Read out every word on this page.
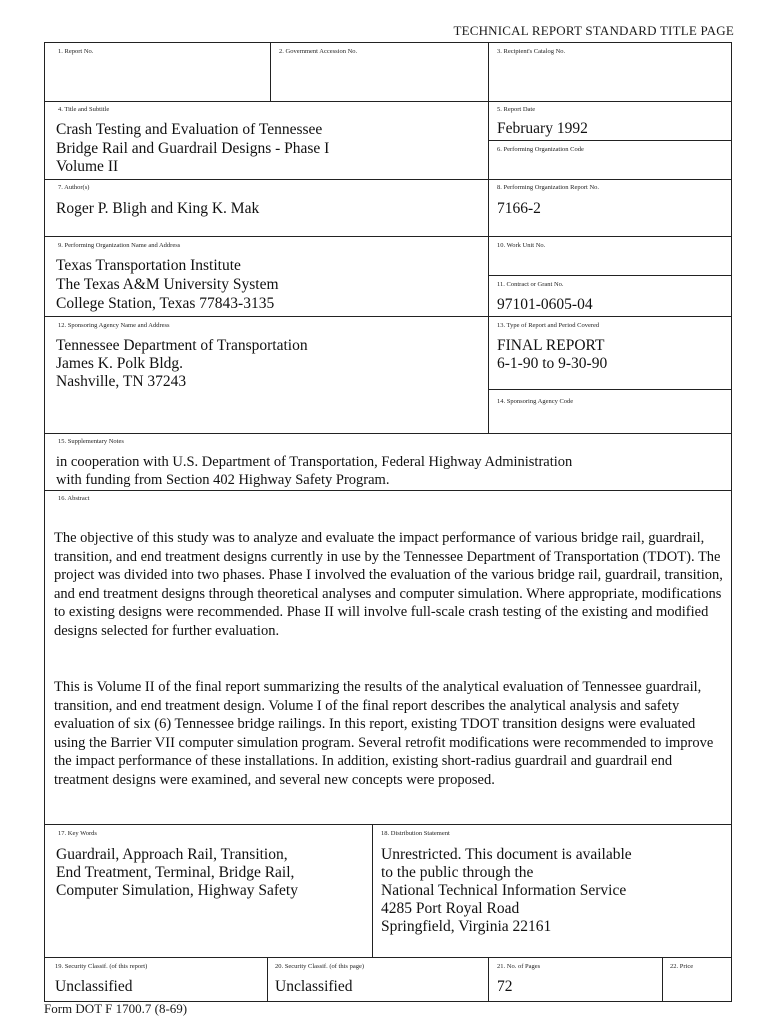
TECHNICAL REPORT STANDARD TITLE PAGE
1. Report No.	2. Government Accession No.	3. Recipient's Catalog No.
4. Title and Subtitle
Crash Testing and Evaluation of Tennessee
Bridge Rail and Guardrail Designs - Phase I
Volume II
5. Report Date
February 1992
6. Performing Organization Code
7. Author(s)
Roger P. Bligh and King K. Mak
8. Performing Organization Report No.
7166-2
9. Performing Organization Name and Address
Texas Transportation Institute
The Texas A&M University System
College Station, Texas 77843-3135
10. Work Unit No.
11. Contract or Grant No.
97101-0605-04
12. Sponsoring Agency Name and Address
Tennessee Department of Transportation
James K. Polk Bldg.
Nashville, TN 37243
13. Type of Report and Period Covered
FINAL REPORT
6-1-90 to 9-30-90
14. Sponsoring Agency Code
15. Supplementary Notes
in cooperation with U.S. Department of Transportation, Federal Highway Administration
with funding from Section 402 Highway Safety Program.
16. Abstract
The objective of this study was to analyze and evaluate the impact performance of various bridge rail, guardrail, transition, and end treatment designs currently in use by the Tennessee Department of Transportation (TDOT). The project was divided into two phases. Phase I involved the evaluation of the various bridge rail, guardrail, transition, and end treatment designs through theoretical analyses and computer simulation. Where appropriate, modifications to existing designs were recommended. Phase II will involve full-scale crash testing of the existing and modified designs selected for further evaluation.
This is Volume II of the final report summarizing the results of the analytical evaluation of Tennessee guardrail, transition, and end treatment design. Volume I of the final report describes the analytical analysis and safety evaluation of six (6) Tennessee bridge railings. In this report, existing TDOT transition designs were evaluated using the Barrier VII computer simulation program. Several retrofit modifications were recommended to improve the impact performance of these installations. In addition, existing short-radius guardrail and guardrail end treatment designs were examined, and several new concepts were proposed.
17. Key Words
Guardrail, Approach Rail, Transition,
End Treatment, Terminal, Bridge Rail,
Computer Simulation, Highway Safety
18. Distribution Statement
Unrestricted. This document is available
to the public through the
National Technical Information Service
4285 Port Royal Road
Springfield, Virginia 22161
19. Security Classif. (of this report)
Unclassified
20. Security Classif. (of this page)
Unclassified
21. No. of Pages
72
22. Price
Form DOT F 1700.7 (8-69)
